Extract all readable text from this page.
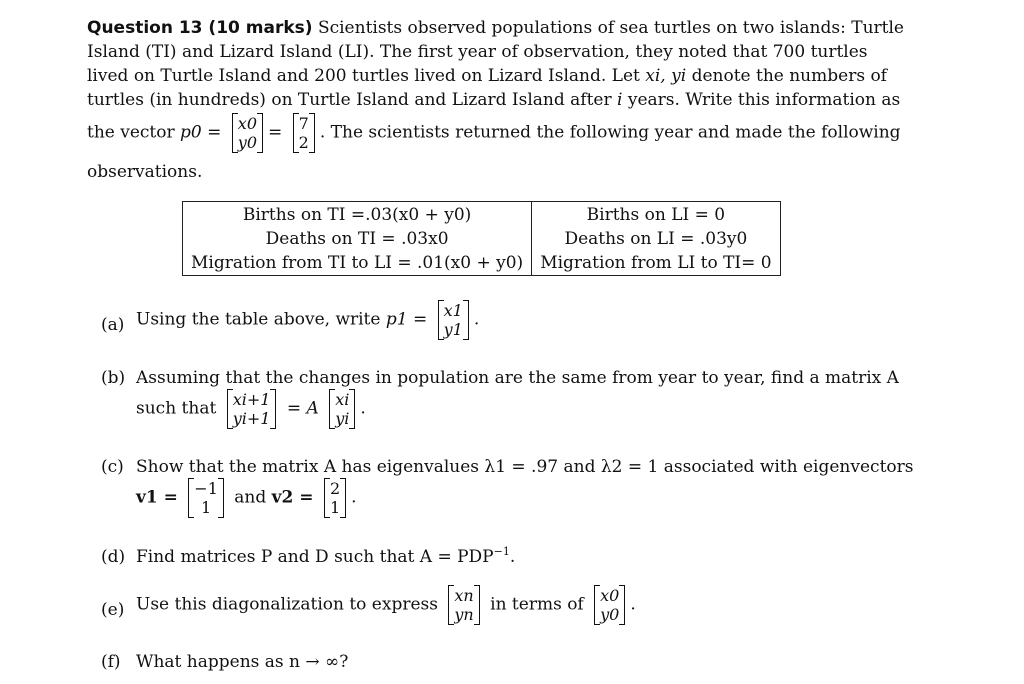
Question 13 (10 marks) Scientists observed populations of sea turtles on two islands: Turtle
Island (TI) and Lizard Island (LI). The first year of observation, they noted that 700 turtles
lived on Turtle Island and 200 turtles lived on Lizard Island. Let xi, yi denote the numbers of
turtles (in hundreds) on Turtle Island and Lizard Island after i years. Write this information as
the vector p0 = x0
y0 = 7
2 . The scientists returned the following year and made the following
observations.
Births on TI =.03(x0 + y0)
Deaths on TI = .03x0
Migration from TI to LI = .01(x0 + y0)

Births on LI = 0
Deaths on LI = .03y0
Migration from LI to TI= 0
(a) Using the table above, write p1 = x1
y1 .
(b) Assuming that the changes in population are the same from year to year, find a matrix A
such that xi+1
yi+1 = A xi
yi .
(c) Show that the matrix A has eigenvalues λ1 = .97 and λ2 = 1 associated with eigenvectors
v1 = −1
1 and v2 = 2
1 .
(d) Find matrices P and D such that $A = PDP^{-1}$.
(e) Use this diagonalization to express xn
yn in terms of x0
y0 .
(f) What happens as n → ∞?
